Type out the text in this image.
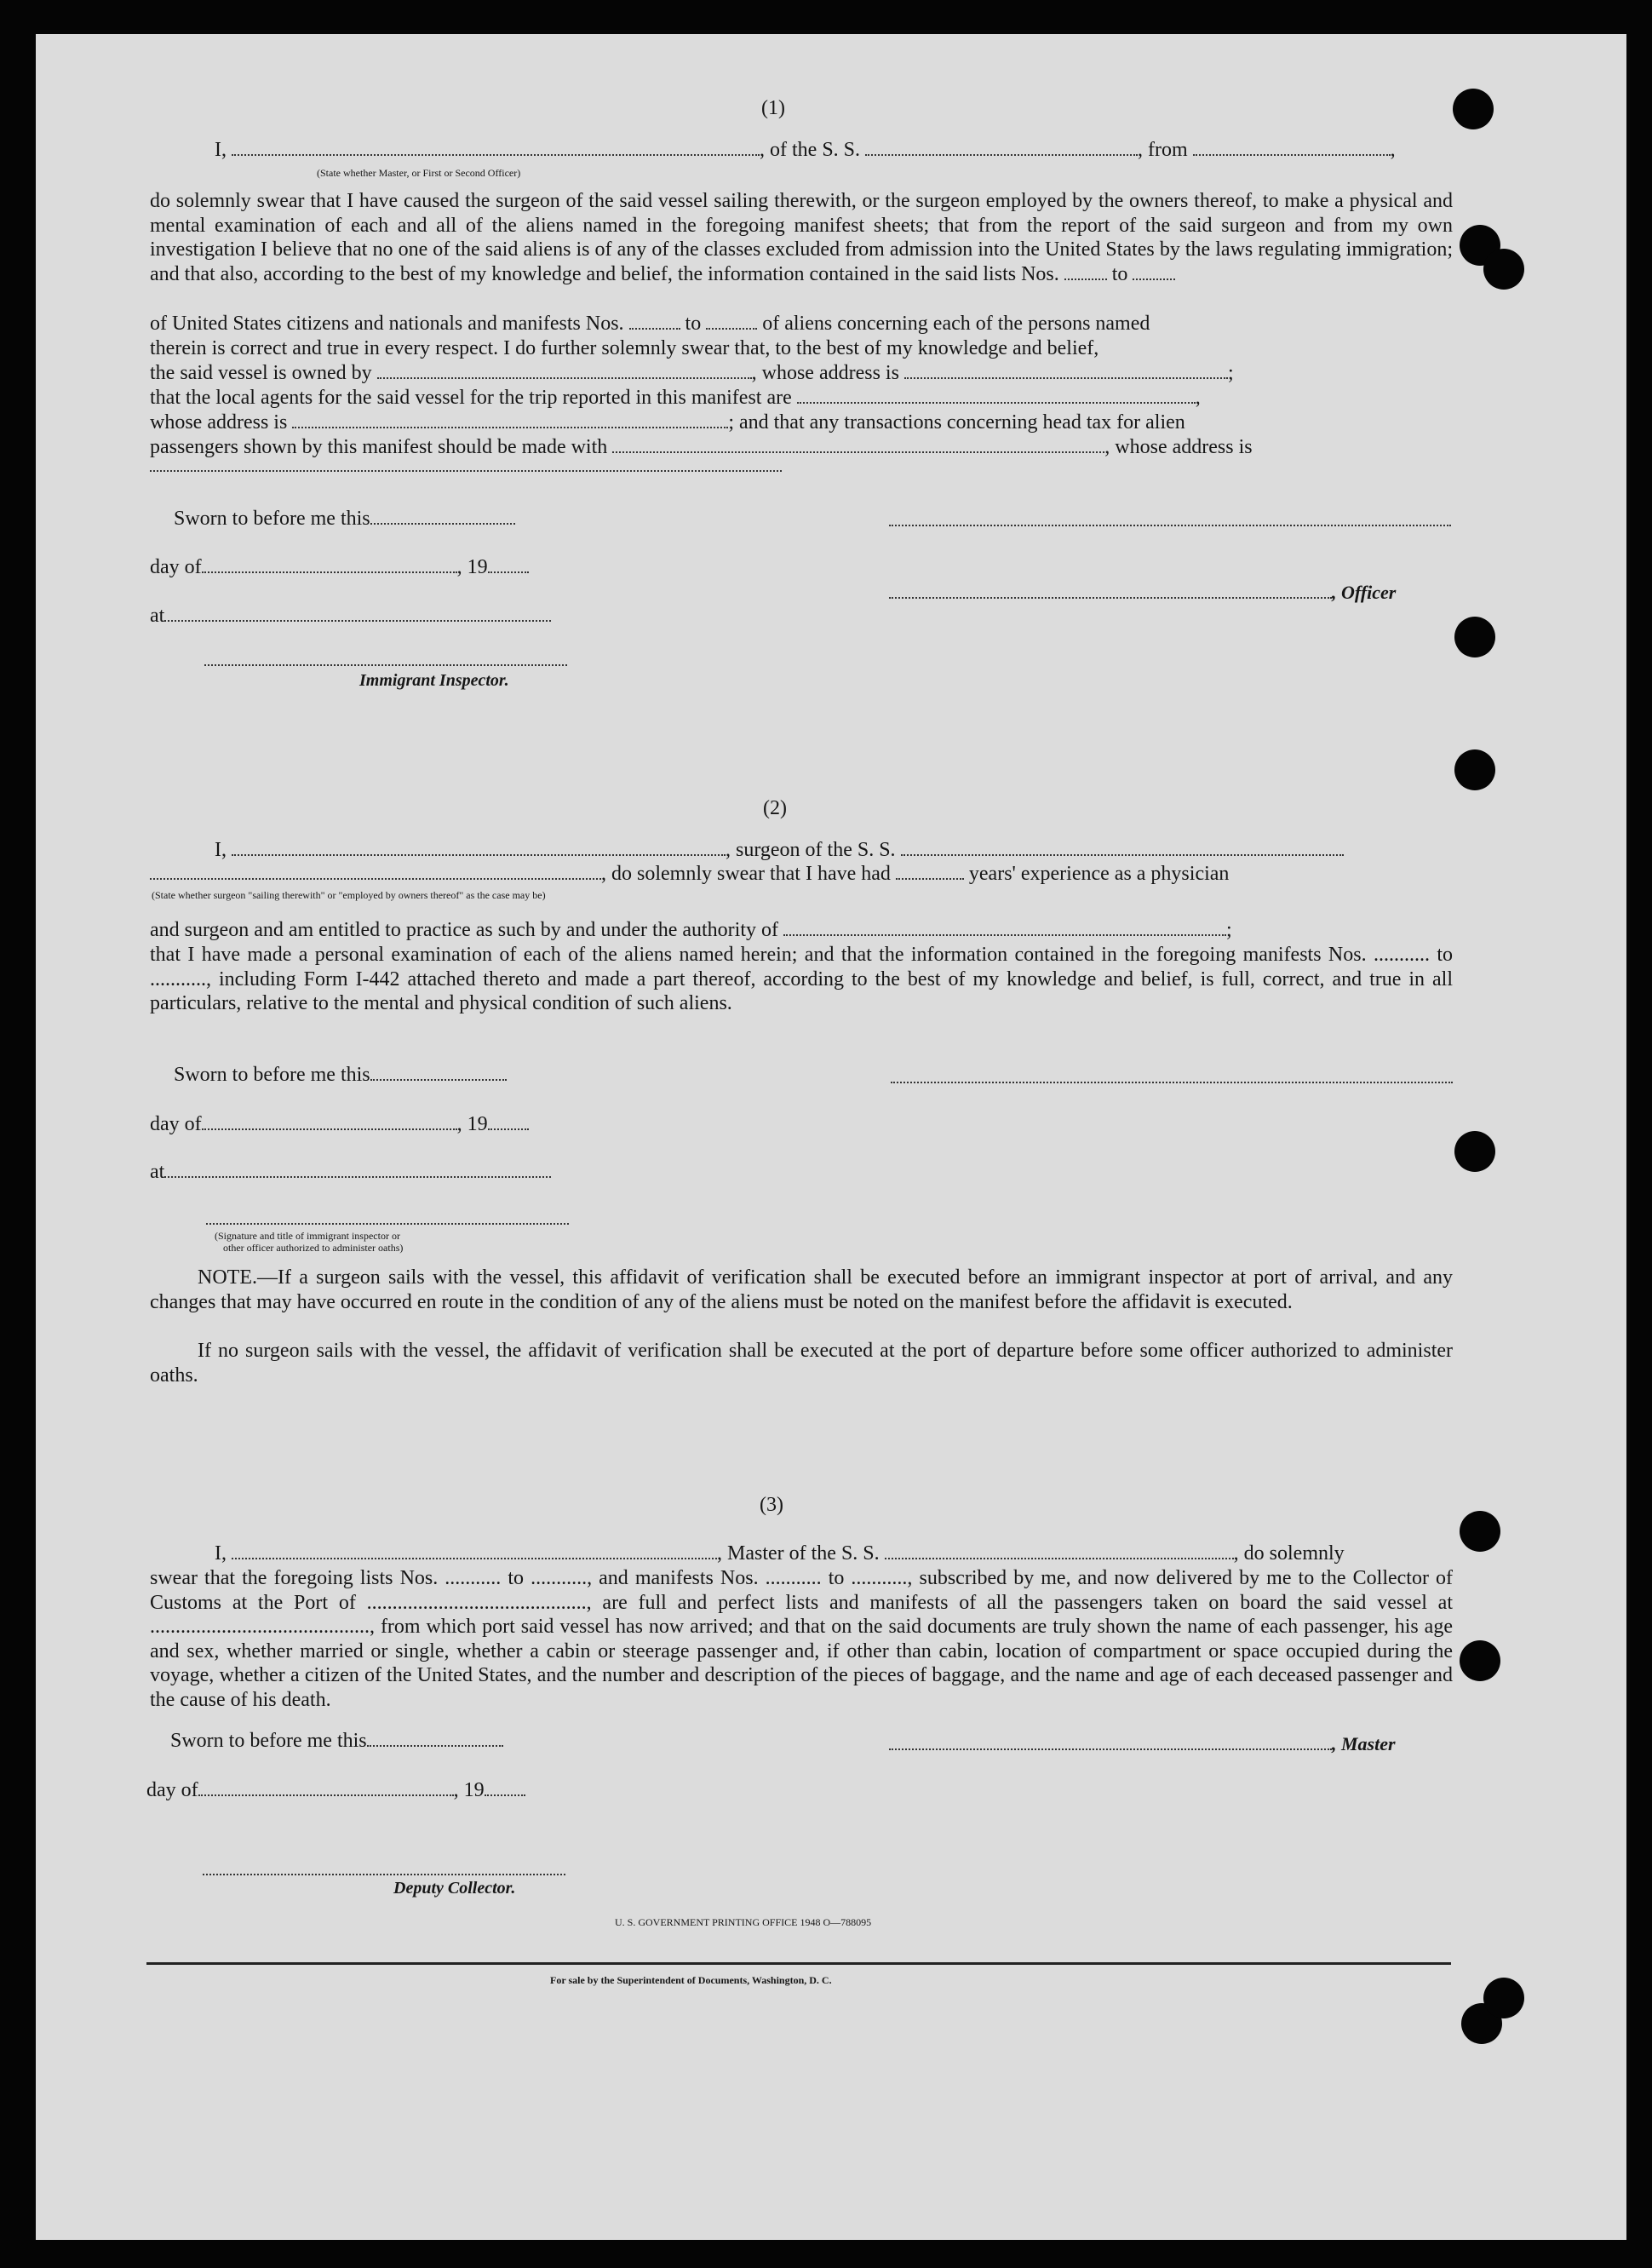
(1)
I,	, of the S. S.	, from	,
(State whether Master, or First or Second Officer)
do solemnly swear that I have caused the surgeon of the said vessel sailing therewith, or the surgeon employed by the owners thereof, to make a physical and mental examination of each and all of the aliens named in the foregoing manifest sheets; that from the report of the said surgeon and from my own investigation I believe that no one of the said aliens is of any of the classes excluded from admission into the United States by the laws regulating immigration; and that also, according to the best of my knowledge and belief, the information contained in the said lists Nos.	to
of United States citizens and nationals and manifests Nos.	to	of aliens concerning each of the persons named
therein is correct and true in every respect. I do further solemnly swear that, to the best of my knowledge and belief,
the said vessel is owned by	, whose address is	;
that the local agents for the said vessel for the trip reported in this manifest are	,
whose address is	; and that any transactions concerning head tax for alien
passengers shown by this manifest should be made with	, whose address is
Sworn to before me this
day of	, 19
, Officer
at
Immigrant Inspector.
(2)
I,	, surgeon of the S. S.
, do solemnly swear that I have had	years' experience as a physician
(State whether surgeon "sailing therewith" or "employed by owners thereof" as the case may be)
and surgeon and am entitled to practice as such by and under the authority of	;
that I have made a personal examination of each of the aliens named herein; and that the information contained in the foregoing manifests Nos. ........... to ..........., including Form I-442 attached thereto and made a part thereof, according to the best of my knowledge and belief, is full, correct, and true in all particulars, relative to the mental and physical condition of such aliens.
Sworn to before me this
day of	, 19
at
(Signature and title of immigrant inspector or
other officer authorized to administer oaths)
NOTE.—If a surgeon sails with the vessel, this affidavit of verification shall be executed before an immigrant inspector at port of arrival, and any changes that may have occurred en route in the condition of any of the aliens must be noted on the manifest before the affidavit is executed.
If no surgeon sails with the vessel, the affidavit of verification shall be executed at the port of departure before some officer authorized to administer oaths.
(3)
I,	, Master of the S. S.	, do solemnly
swear that the foregoing lists Nos. ........... to ..........., and manifests Nos. ........... to ..........., subscribed by me, and now delivered by me to the Collector of Customs at the Port of ..........................................., are full and perfect lists and manifests of all the passengers taken on board the said vessel at ..........................................., from which port said vessel has now arrived; and that on the said documents are truly shown the name of each passenger, his age and sex, whether married or single, whether a cabin or steerage passenger and, if other than cabin, location of compartment or space occupied during the voyage, whether a citizen of the United States, and the number and description of the pieces of baggage, and the name and age of each deceased passenger and the cause of his death.
Sworn to before me this	, Master
day of	, 19
Deputy Collector.
U. S. GOVERNMENT PRINTING OFFICE 1948 O—788095
For sale by the Superintendent of Documents, Washington, D. C.
